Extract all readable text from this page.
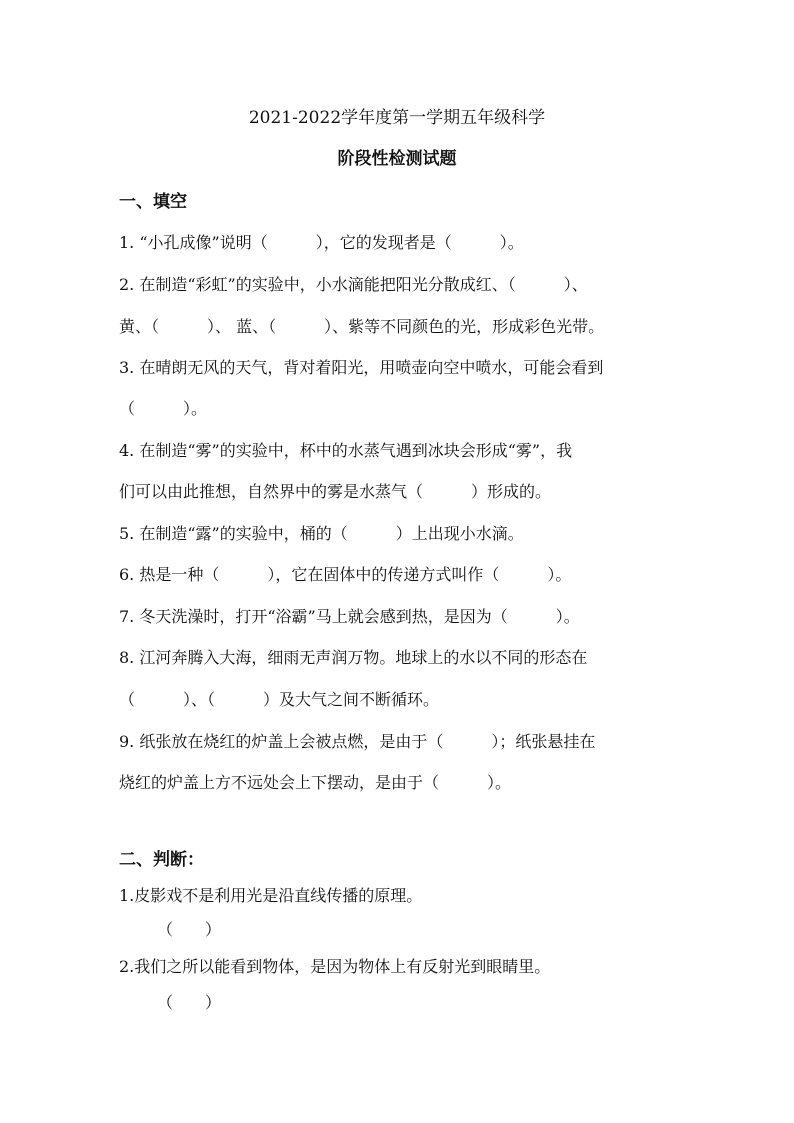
2021-2022学年度第一学期五年级科学
阶段性检测试题
一、填空
1. “小孔成像”说明（　　　），它的发现者是（　　　）。
2. 在制造“彩虹”的实验中，小水滴能把阳光分散成红、（　　　）、
黄、（　　　）、 蓝、（　　　）、紫等不同颜色的光，形成彩色光带。
3. 在晴朗无风的天气，背对着阳光，用喷壶向空中喷水，可能会看到
（　　　）。
4. 在制造“雾”的实验中，杯中的水蒸气遇到冰块会形成“雾”，我
们可以由此推想，自然界中的雾是水蒸气（　　　）形成的。
5. 在制造“露”的实验中，桶的（　　　）上出现小水滴。
6. 热是一种（　　　），它在固体中的传递方式叫作（　　　）。
7. 冬天洗澡时，打开“浴霸”马上就会感到热，是因为（　　　）。
8. 江河奔腾入大海，细雨无声润万物。地球上的水以不同的形态在
（　　　）、（　　　）及大气之间不断循环。
9. 纸张放在烧红的炉盖上会被点燃，是由于（　　　）；纸张悬挂在
烧红的炉盖上方不远处会上下摆动，是由于（　　　）。
二、判断：
1.皮影戏不是利用光是沿直线传播的原理。
（　　）
2.我们之所以能看到物体，是因为物体上有反射光到眼睛里。
（　　）
